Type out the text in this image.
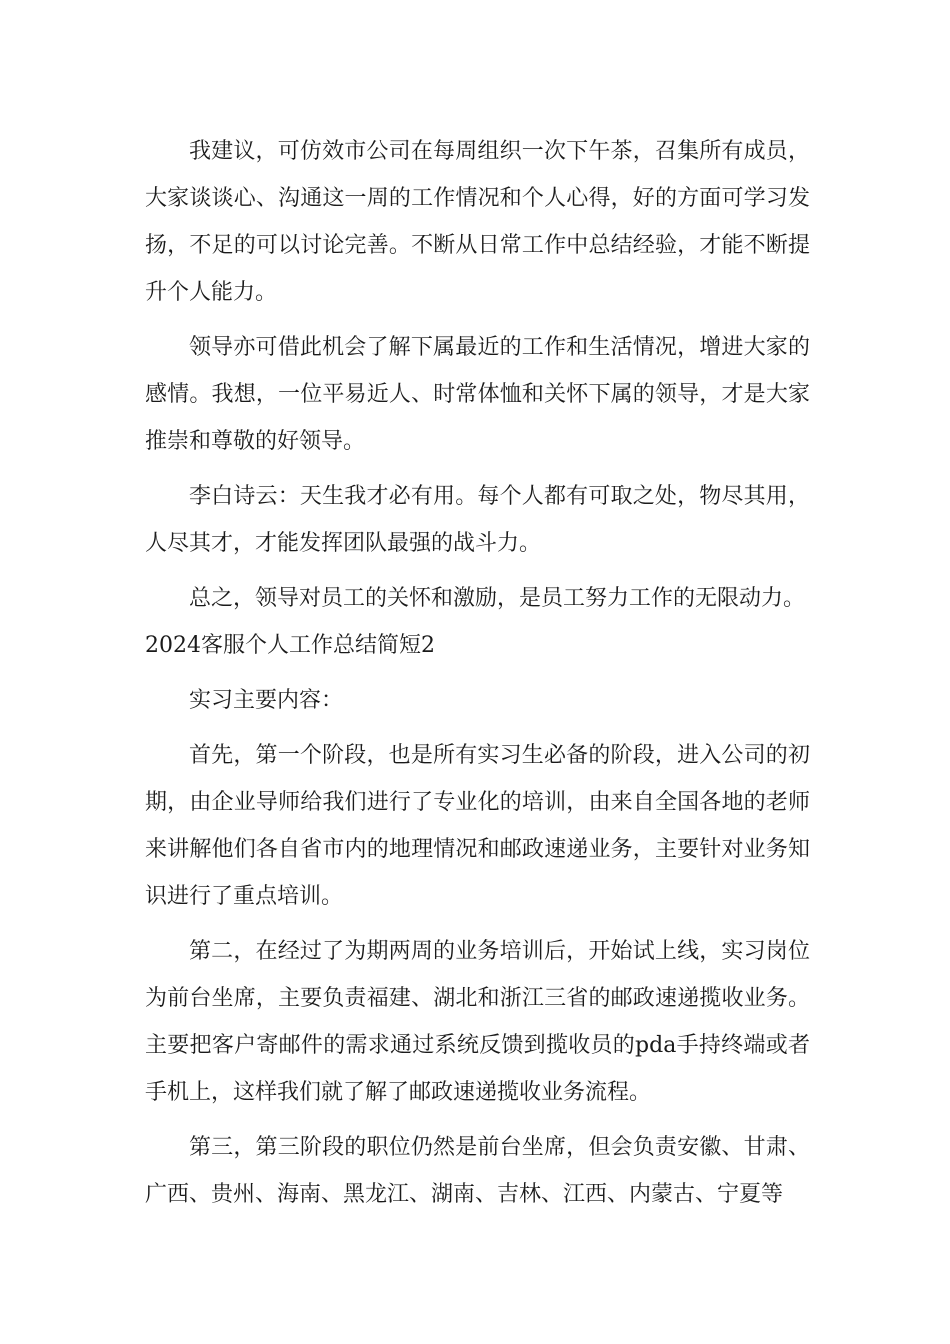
我建议，可仿效市公司在每周组织一次下午茶，召集所有成员，大家谈谈心、沟通这一周的工作情况和个人心得，好的方面可学习发扬，不足的可以讨论完善。不断从日常工作中总结经验，才能不断提升个人能力。

领导亦可借此机会了解下属最近的工作和生活情况，增进大家的感情。我想，一位平易近人、时常体恤和关怀下属的领导，才是大家推崇和尊敬的好领导。

李白诗云：天生我才必有用。每个人都有可取之处，物尽其用，人尽其才，才能发挥团队最强的战斗力。

总之，领导对员工的关怀和激励，是员工努力工作的无限动力。

2024客服个人工作总结简短2

实习主要内容：

首先，第一个阶段，也是所有实习生必备的阶段，进入公司的初期，由企业导师给我们进行了专业化的培训，由来自全国各地的老师来讲解他们各自省市内的地理情况和邮政速递业务，主要针对业务知识进行了重点培训。

第二，在经过了为期两周的业务培训后，开始试上线，实习岗位为前台坐席，主要负责福建、湖北和浙江三省的邮政速递揽收业务。主要把客户寄邮件的需求通过系统反馈到揽收员的pda手持终端或者手机上，这样我们就了解了邮政速递揽收业务流程。

第三，第三阶段的职位仍然是前台坐席，但会负责安徽、甘肃、广西、贵州、海南、黑龙江、湖南、吉林、江西、内蒙古、宁夏等
